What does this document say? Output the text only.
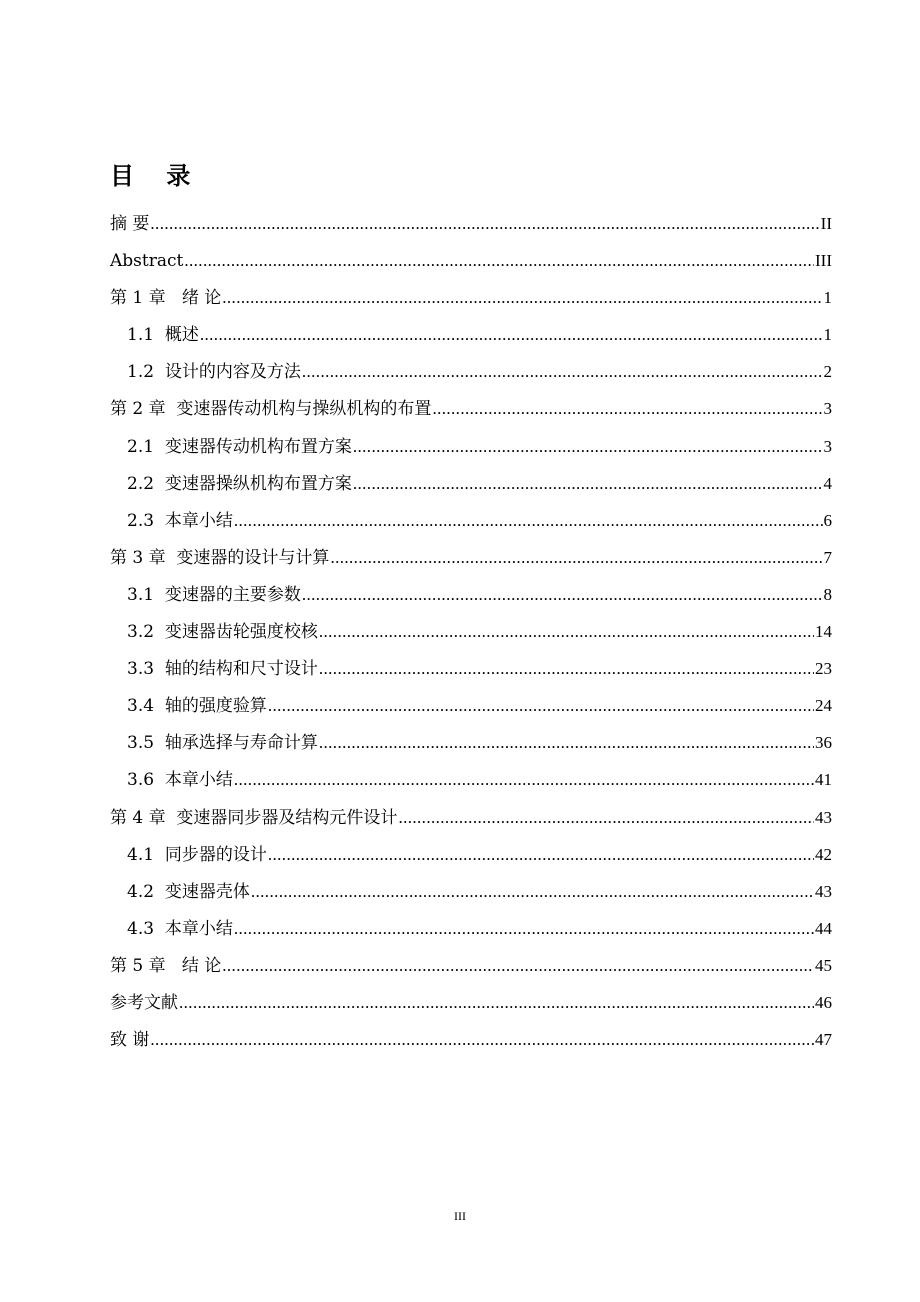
目 录
摘 要 .....	II
Abstract .....	III
第 1 章   绪 论 .....	1
1.1  概述 .....	1
1.2  设计的内容及方法 .....	2
第 2 章  变速器传动机构与操纵机构的布置 .....	3
2.1  变速器传动机构布置方案 .....	3
2.2  变速器操纵机构布置方案 .....	4
2.3  本章小结 .....	6
第 3 章  变速器的设计与计算 .....	7
3.1  变速器的主要参数 .....	8
3.2  变速器齿轮强度校核 .....	14
3.3  轴的结构和尺寸设计 .....	23
3.4  轴的强度验算 .....	24
3.5  轴承选择与寿命计算 .....	36
3.6  本章小结 .....	41
第 4 章  变速器同步器及结构元件设计 .....	43
4.1  同步器的设计 .....	42
4.2  变速器壳体 .....	43
4.3  本章小结 .....	44
第 5 章   结 论 .....	45
参考文献 .....	46
致 谢 .....	47
III
